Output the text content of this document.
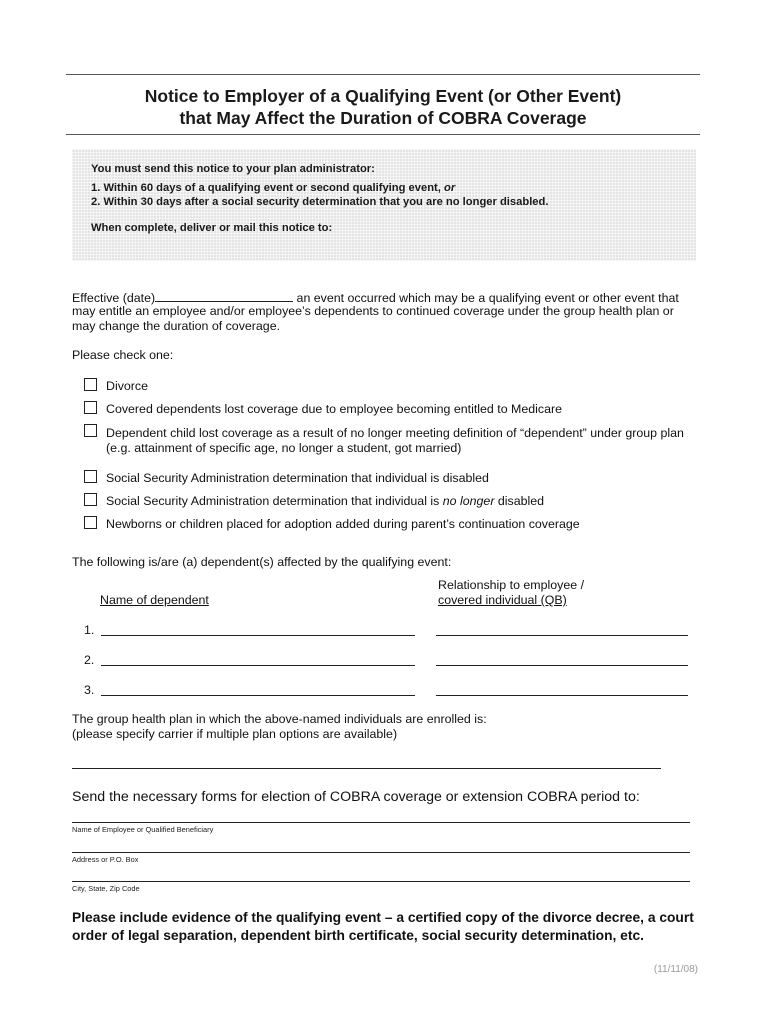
Notice to Employer of a Qualifying Event (or Other Event)
that May Affect the Duration of COBRA Coverage
You must send this notice to your plan administrator:
1. Within 60 days of a qualifying event or second qualifying event, or
2. Within 30 days after a social security determination that you are no longer disabled.
When complete, deliver or mail this notice to:
Effective (date)	an event occurred which may be a qualifying event or other event that
may entitle an employee and/or employee’s dependents to continued coverage under the group health plan or
may change the duration of coverage.
Please check one:
Divorce
Covered dependents lost coverage due to employee becoming entitled to Medicare
Dependent child lost coverage as a result of no longer meeting definition of “dependent” under group plan
(e.g. attainment of specific age, no longer a student, got married)
Social Security Administration determination that individual is disabled
Social Security Administration determination that individual is no longer disabled
Newborns or children placed for adoption added during parent’s continuation coverage
The following is/are (a) dependent(s) affected by the qualifying event:
Relationship to employee /
Name of dependent	covered individual (QB)
1.
2.
3.
The group health plan in which the above-named individuals are enrolled is:
(please specify carrier if multiple plan options are available)
Send the necessary forms for election of COBRA coverage or extension COBRA period to:
Name of Employee or Qualified Beneficiary
Address or P.O. Box
City, State, Zip Code
Please include evidence of the qualifying event – a certified copy of the divorce decree, a court order of legal separation, dependent birth certificate, social security determination, etc.
(11/11/08)
